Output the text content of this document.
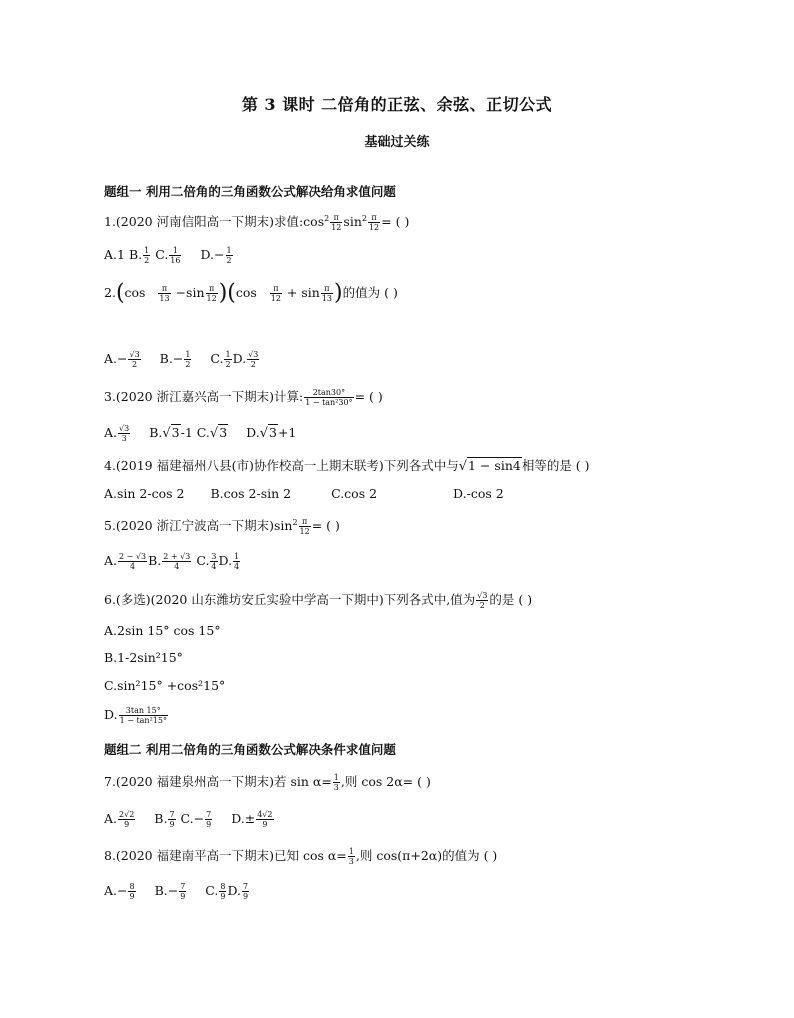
第 3 课时 二倍角的正弦、余弦、正切公式
基础过关练
题组一 利用二倍角的三角函数公式解决给角求值问题
1.(2020 河南信阳高一下期末)求值$:\cos^2 \frac{\pi}{12} \sin^2 \frac{\pi}{12}$ = ( )
A.1 B. $\frac{1}{2} C$. $\frac{1}{16} D.- \frac{1}{2}$
$2.(\cos \frac{\pi}{13} -\sin \frac{\pi}{12} )(\cos \frac{\pi}{12} + \sin \frac{\pi}{13}$ )的值为 ( )
$A.- \frac{√3}{2} B.- \frac{1}{2} C$. $\frac{1}{2} D$. $\frac{√3}{2}$
3.(2020 浙江嘉兴高一下期末)计算: $\frac{2\tan 30^\circ}{\text{1 − tan²30°}}$ = ( )
A. $\frac{√3}{3} B.√3-1$ C.√3 D.√3+1
4.(2019 福建福州八县(市)协作校高一上期末联考)下列各式中与√1 − sin4相等的是 ( )
A.sin 2-cos 2 B.cos 2-sin 2	C.cos 2	D.-cos 2
5.(2020 浙江宁波高一下期末)$\sin^2 \frac{\pi}{12}$ = ( )
A. $\frac{2 - √3}{4} B$. $\frac{2 + √3}{4} C$. $\frac{3}{4} D$. $\frac{1}{4}$
6.(多选)(2020 山东潍坊安丘实验中学高一下期中)下列各式中,值为 $\frac{√3}{2}$ 的是 ( )
A.2sin 15° cos 15°
B.1-2sin²15°
C.sin²15° +cos²15°
D. $\frac{3\tan 15^\circ}{\text{1 − tan²15°}}$
题组二 利用二倍角的三角函数公式解决条件求值问题
7.(2020 福建泉州高一下期末)若 $\sin \alpha= \frac{1}{3}$ ,则 cos 2α= ( )
A. $\frac{2√2}{9} B$. $\frac{7}{9} C.- \frac{7}{9} D.\pm \frac{4√2}{9}$
8.(2020 福建南平高一下期末)已知 $\cos \alpha= \frac{1}{3}$ ,则 cos(π+2α)的值为 ( )
$A.- \frac{8}{9} B.- \frac{7}{9} C$. $\frac{8}{9} D$. $\frac{7}{9}$
